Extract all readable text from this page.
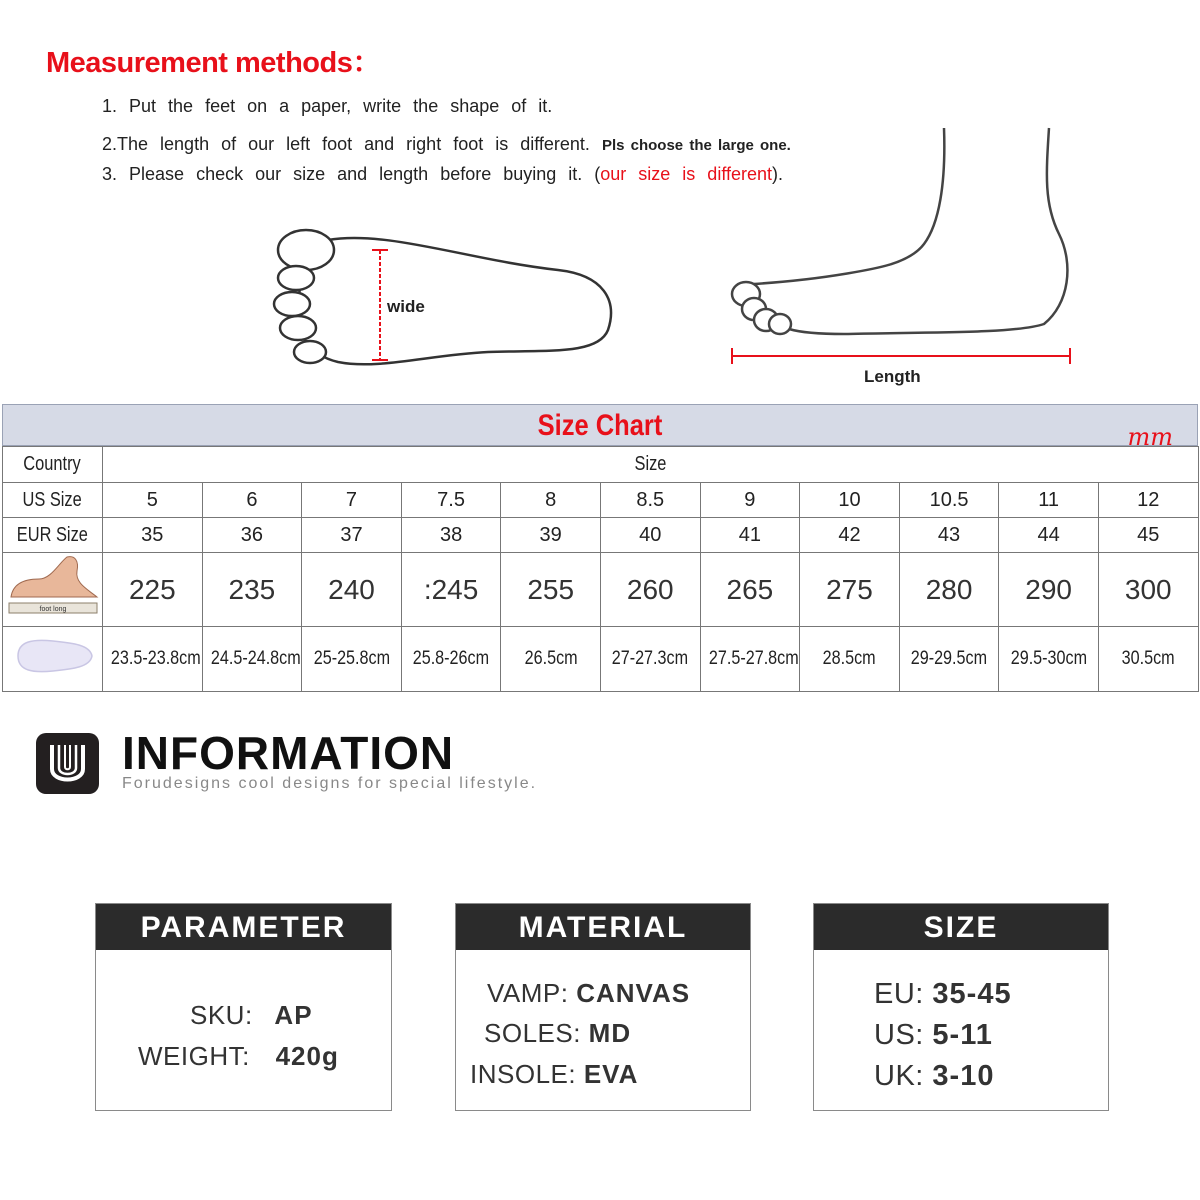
Measurement methods：
1. Put the feet on a paper, write the shape of it.
2.The length of our left foot and right foot is different. Pls choose the large one.
3. Please check our size and length before buying it. (our size is different).
wide
Length
Size Chart	mm
Country	Size										
US Size	5	6	7	7.5	8	8.5	9	10	10.5	11	12
EUR Size	35	36	37	38	39	40	41	42	43	44	45

foot long	225	235	240	:245	255	260	265	275	280	290	300
	23.5-23.8cm	24.5-24.8cm	25-25.8cm	25.8-26cm	26.5cm	27-27.3cm	27.5-27.8cm	28.5cm	29-29.5cm	29.5-30cm	30.5cm
INFORMATION
Forudesigns cool designs for special lifestyle.
PARAMETER
SKU: AP
WEIGHT: 420g
MATERIAL
VAMP: CANVAS
SOLES: MD
INSOLE: EVA
SIZE
EU: 35-45
US: 5-11
UK: 3-10
